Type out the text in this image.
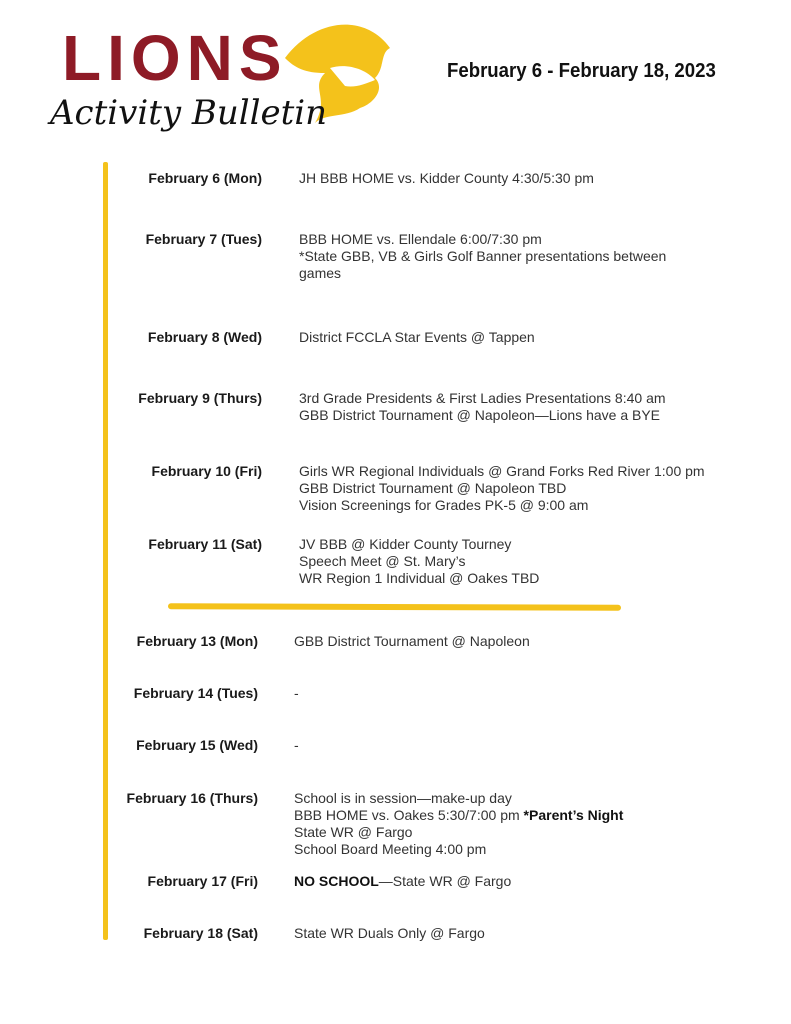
LIONS
Activity Bulletin
February 6 - February 18, 2023
February 6 (Mon)	JH BBB HOME vs. Kidder County 4:30/5:30 pm
February 7 (Tues)	BBB HOME vs. Ellendale 6:00/7:30 pm
*State GBB, VB & Girls Golf Banner presentations between
games
February 8 (Wed)	District FCCLA Star Events @ Tappen
February 9 (Thurs)	3rd Grade Presidents & First Ladies Presentations 8:40 am
GBB District Tournament @ Napoleon—Lions have a BYE
February 10 (Fri)	Girls WR Regional Individuals @ Grand Forks Red River 1:00 pm
GBB District Tournament @ Napoleon TBD
Vision Screenings for Grades PK-5 @ 9:00 am
February 11 (Sat)	JV BBB @ Kidder County Tourney
Speech Meet @ St. Mary’s
WR Region 1 Individual @ Oakes TBD
February 13 (Mon)	GBB District Tournament @ Napoleon
February 14 (Tues)	-
February 15 (Wed)	-
February 16 (Thurs)	School is in session—make-up day
BBB HOME vs. Oakes 5:30/7:00 pm *Parent’s Night
State WR @ Fargo
School Board Meeting 4:00 pm
February 17 (Fri)	NO SCHOOL—State WR @ Fargo
February 18 (Sat)	State WR Duals Only @ Fargo
